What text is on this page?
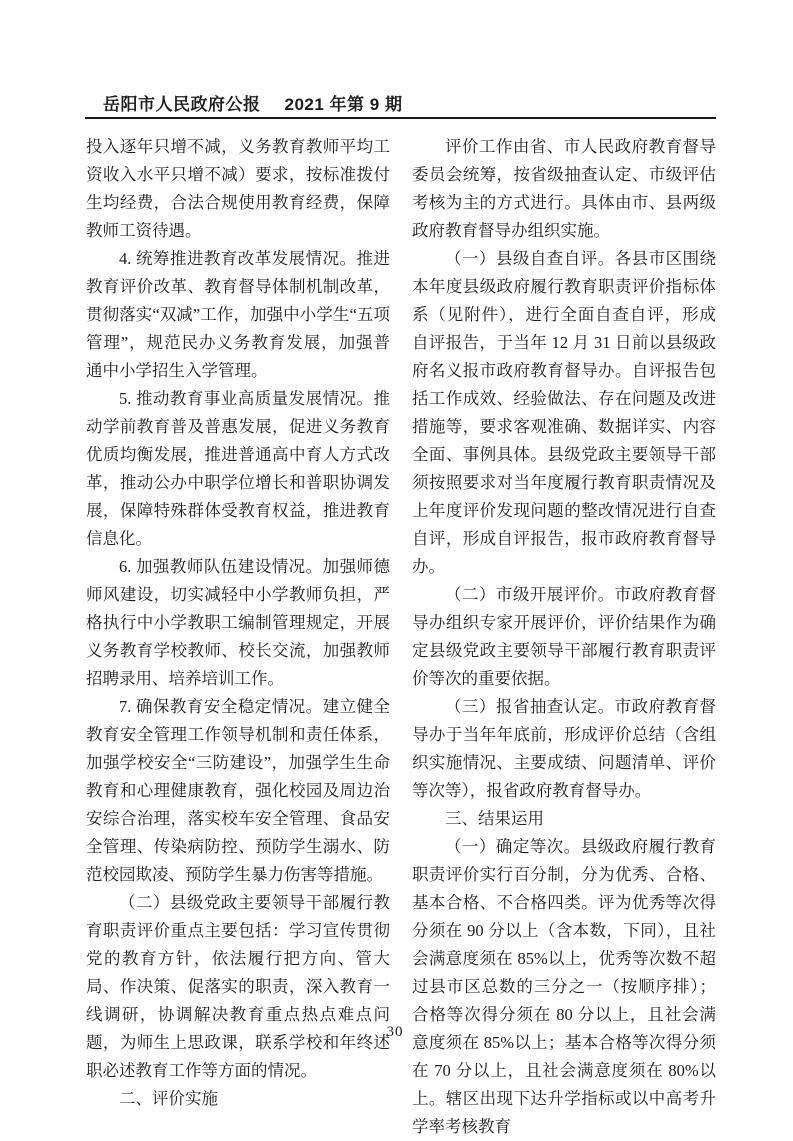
岳阳市人民政府公报 2021 年第 9 期

投入逐年只增不减，义务教育教师平均工资收入水平只增不减）要求，按标准拨付生均经费，合法合规使用教育经费，保障教师工资待遇。

4. 统筹推进教育改革发展情况。推进教育评价改革、教育督导体制机制改革，贯彻落实“双减”工作，加强中小学生“五项管理”，规范民办义务教育发展，加强普通中小学招生入学管理。

5. 推动教育事业高质量发展情况。推动学前教育普及普惠发展，促进义务教育优质均衡发展，推进普通高中育人方式改革，推动公办中职学位增长和普职协调发展，保障特殊群体受教育权益，推进教育信息化。

6. 加强教师队伍建设情况。加强师德师风建设，切实减轻中小学教师负担，严格执行中小学教职工编制管理规定，开展义务教育学校教师、校长交流，加强教师招聘录用、培养培训工作。

7. 确保教育安全稳定情况。建立健全教育安全管理工作领导机制和责任体系，加强学校安全“三防建设”，加强学生生命教育和心理健康教育，强化校园及周边治安综合治理，落实校车安全管理、食品安全管理、传染病防控、预防学生溺水、防范校园欺凌、预防学生暴力伤害等措施。

（二）县级党政主要领导干部履行教育职责评价重点主要包括：学习宣传贯彻党的教育方针，依法履行把方向、管大局、作决策、促落实的职责，深入教育一线调研，协调解决教育重点热点难点问题，为师生上思政课，联系学校和年终述职必述教育工作等方面的情况。

二、评价实施

评价工作由省、市人民政府教育督导委员会统筹，按省级抽查认定、市级评估考核为主的方式进行。具体由市、县两级政府教育督导办组织实施。

（一）县级自查自评。各县市区围绕本年度县级政府履行教育职责评价指标体系（见附件），进行全面自查自评，形成自评报告，于当年 12 月 31 日前以县级政府名义报市政府教育督导办。自评报告包括工作成效、经验做法、存在问题及改进措施等，要求客观准确、数据详实、内容全面、事例具体。县级党政主要领导干部须按照要求对当年度履行教育职责情况及上年度评价发现问题的整改情况进行自查自评，形成自评报告，报市政府教育督导办。

（二）市级开展评价。市政府教育督导办组织专家开展评价，评价结果作为确定县级党政主要领导干部履行教育职责评价等次的重要依据。

（三）报省抽查认定。市政府教育督导办于当年年底前，形成评价总结（含组织实施情况、主要成绩、问题清单、评价等次等），报省政府教育督导办。

三、结果运用

（一）确定等次。县级政府履行教育职责评价实行百分制，分为优秀、合格、基本合格、不合格四类。评为优秀等次得分须在 90 分以上（含本数，下同），且社会满意度须在 85%以上，优秀等次数不超过县市区总数的三分之一（按顺序排）；合格等次得分须在 80 分以上，且社会满意度须在 85%以上；基本合格等次得分须在 70 分以上，且社会满意度须在 80%以上。辖区出现下达升学指标或以中高考升学率考核教育

30
